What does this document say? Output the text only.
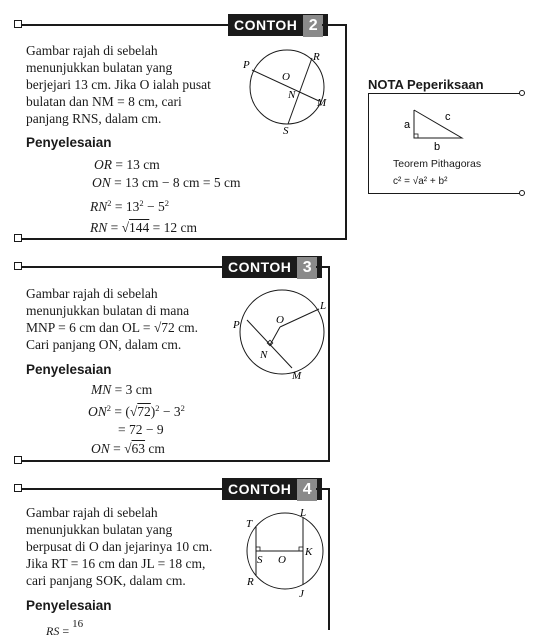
CONTOH 2
Gambar rajah di sebelah
menunjukkan bulatan yang
berjejari 13 cm. Jika O ialah pusat
bulatan dan NM = 8 cm, cari
panjang RNS, dalam cm.
P
R
O
N
M
S
Penyelesaian
OR = 13 cm
ON = 13 cm − 8 cm = 5 cm
$RN^2 = 13^2 - 5^2$
RN = √144 = 12 cm
NOTA Peperiksaan
a
c
b
Teorem Pithagoras
c² = √a² + b²
CONTOH 3
Gambar rajah di sebelah
menunjukkan bulatan di mana
MNP = 6 cm dan OL = √72 cm.
Cari panjang ON, dalam cm.
P	O
L
N
M
Penyelesaian
MN = 3 cm
$ON^2 = (√72)^2 - 3^2$
= 72 − 9
ON = √63 cm
CONTOH 4
Gambar rajah di sebelah
menunjukkan bulatan yang
berpusat di O dan jejarinya 10 cm.
Jika RT = 16 cm dan JL = 18 cm,
cari panjang SOK, dalam cm.
T
L
S O
K
R
J
Penyelesaian
RS = 16
